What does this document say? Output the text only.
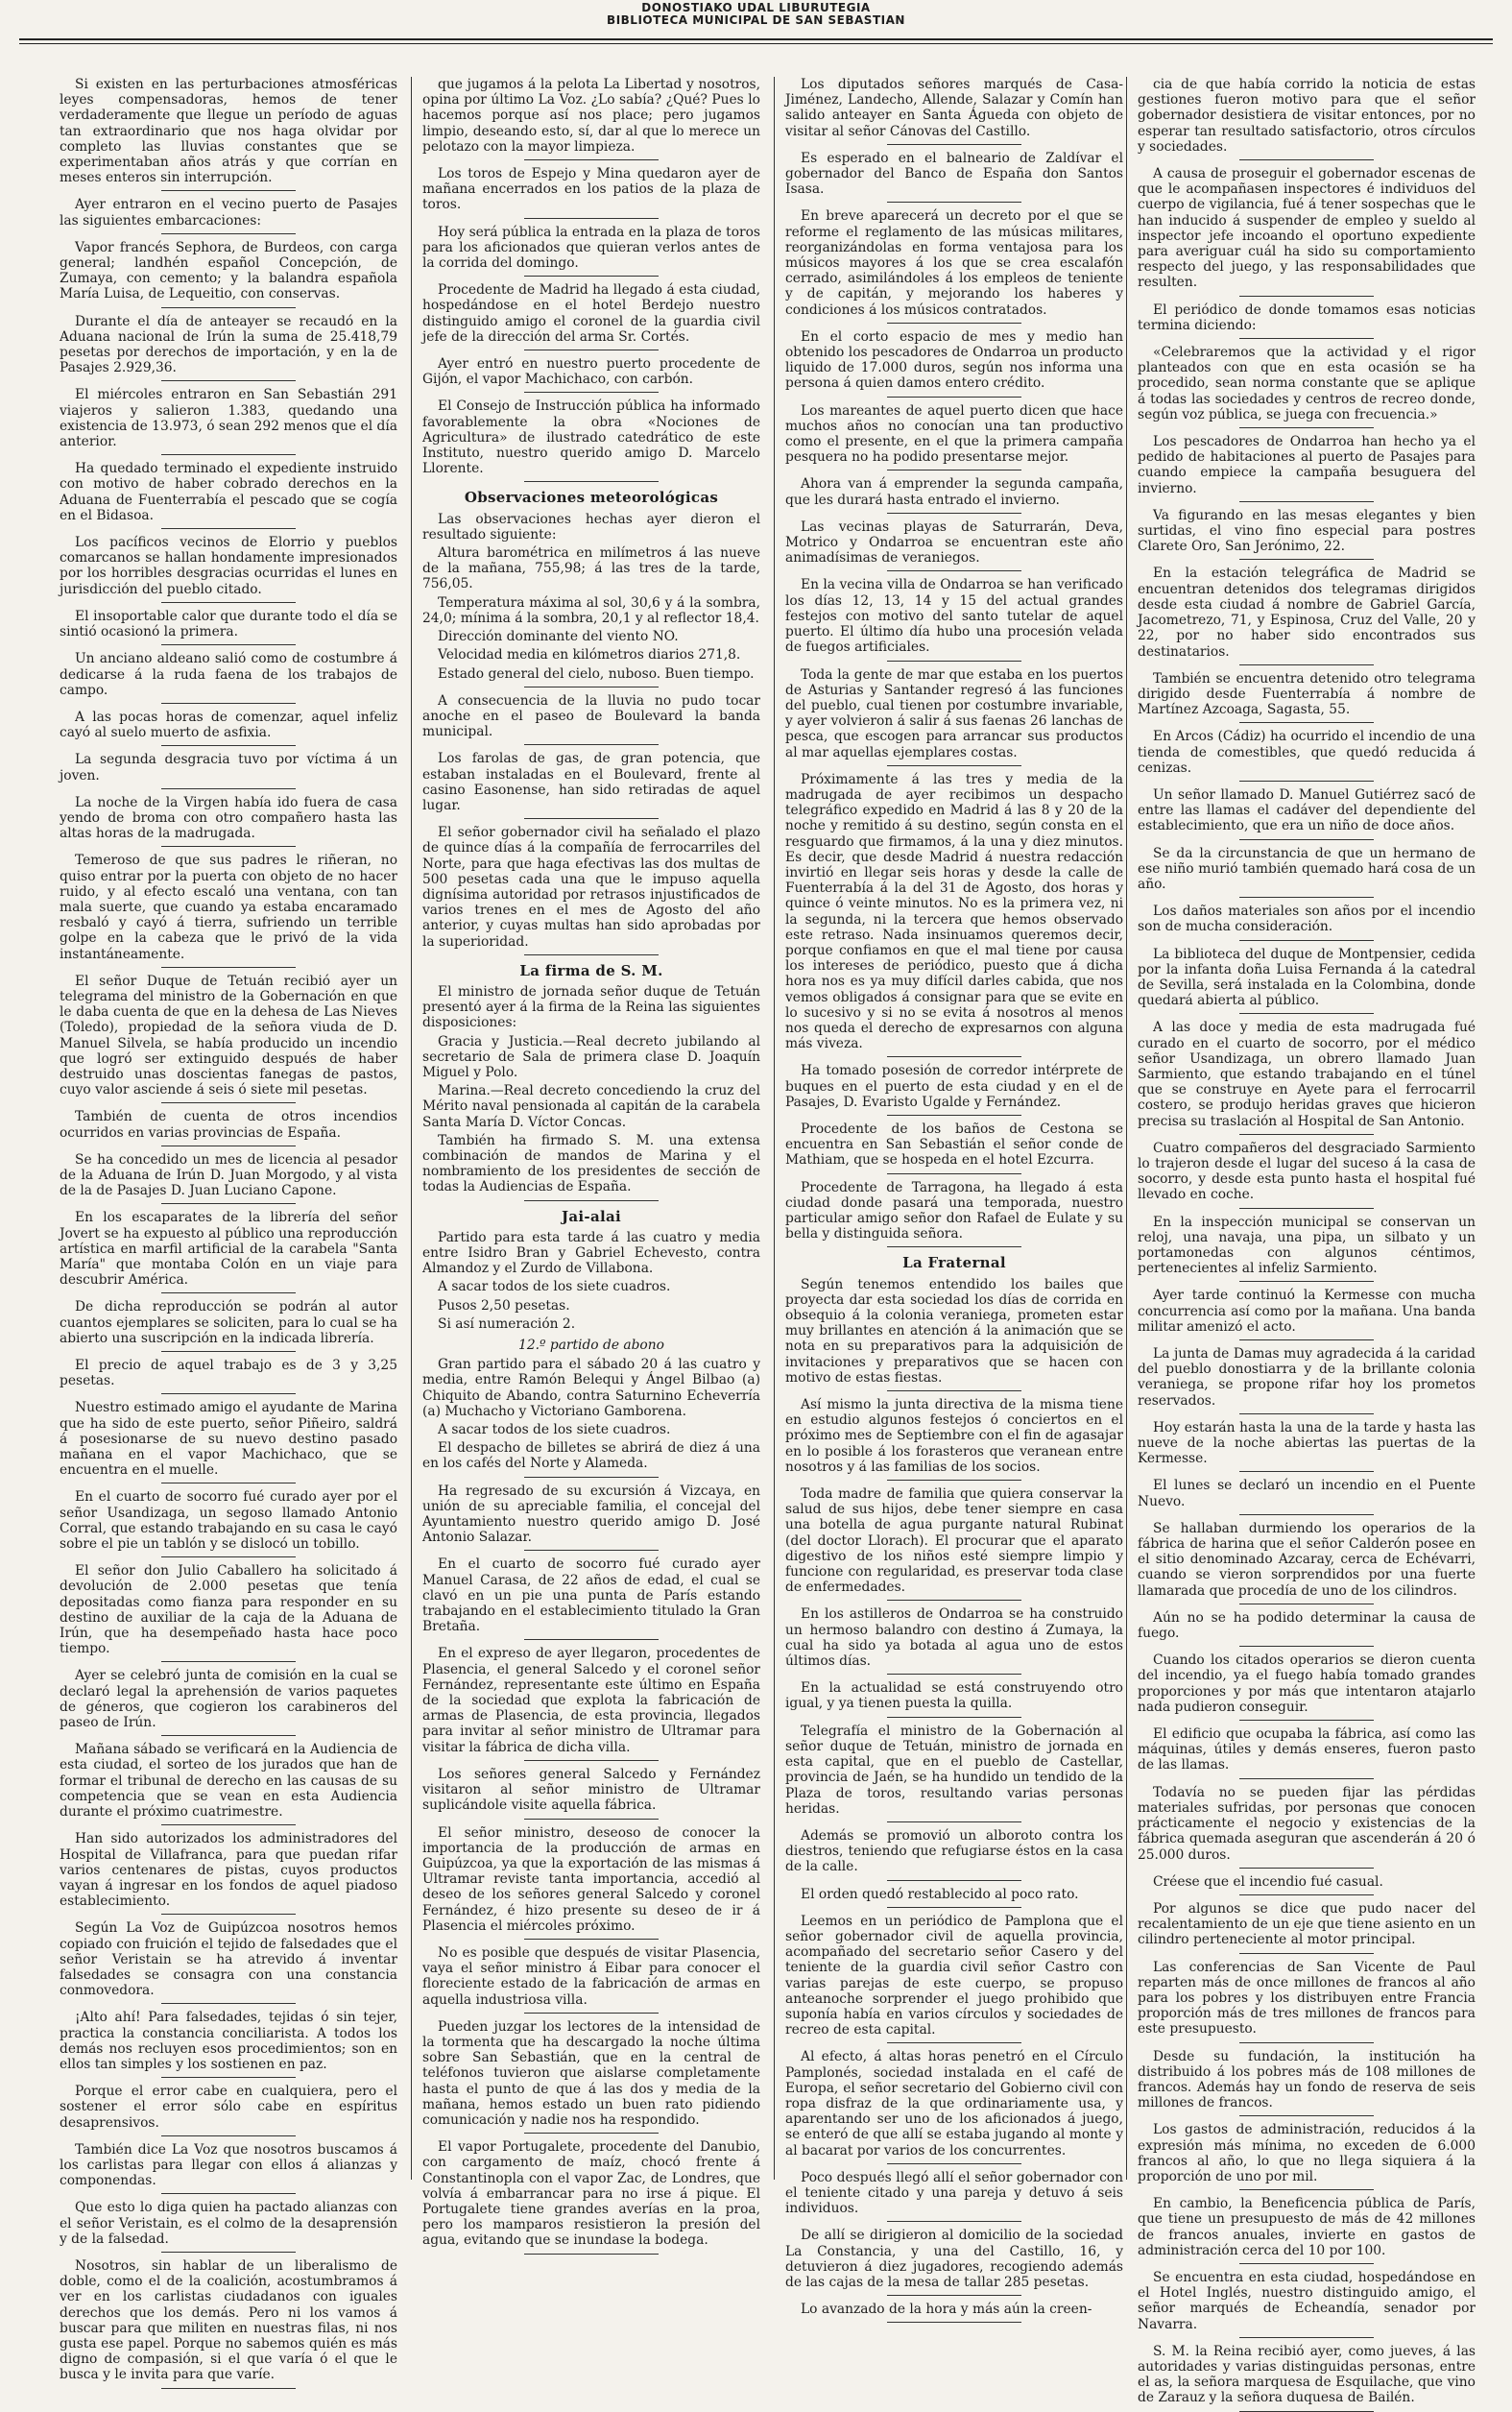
DONOSTIAKO UDAL LIBURUTEGIA
BIBLIOTECA MUNICIPAL DE SAN SEBASTIAN

Si existen en las perturbaciones atmosféricas leyes compensadoras, hemos de tener verdaderamente que llegue un período de aguas tan extraordinario que nos haga olvidar por completo las lluvias constantes que se experimentaban años atrás y que corrían en meses enteros sin interrupción.

Ayer entraron en el vecino puerto de Pasajes las siguientes embarcaciones:

Vapor francés Sephora, de Burdeos, con carga general; landhén español Concepción, de Zumaya, con cemento; y la balandra española María Luisa, de Lequeitio, con conservas.

Durante el día de anteayer se recaudó en la Aduana nacional de Irún la suma de 25.418,79 pesetas por derechos de importación, y en la de Pasajes 2.929,36.

El miércoles entraron en San Sebastián 291 viajeros y salieron 1.383, quedando una existencia de 13.973, ó sean 292 menos que el día anterior.

Ha quedado terminado el expediente instruido con motivo de haber cobrado derechos en la Aduana de Fuenterrabía el pescado que se cogía en el Bidasoa.

Los pacíficos vecinos de Elorrio y pueblos comarcanos se hallan hondamente impresionados por los horribles desgracias ocurridas el lunes en jurisdicción del pueblo citado.

El insoportable calor que durante todo el día se sintió ocasionó la primera.

Un anciano aldeano salió como de costumbre á dedicarse á la ruda faena de los trabajos de campo.

A las pocas horas de comenzar, aquel infeliz cayó al suelo muerto de asfixia.

La segunda desgracia tuvo por víctima á un joven.

La noche de la Virgen había ido fuera de casa yendo de broma con otro compañero hasta las altas horas de la madrugada.

Temeroso de que sus padres le riñeran, no quiso entrar por la puerta con objeto de no hacer ruido, y al efecto escaló una ventana, con tan mala suerte, que cuando ya estaba encaramado resbaló y cayó á tierra, sufriendo un terrible golpe en la cabeza que le privó de la vida instantáneamente.

El señor Duque de Tetuán recibió ayer un telegrama del ministro de la Gobernación en que le daba cuenta de que en la dehesa de Las Nieves (Toledo), propiedad de la señora viuda de D. Manuel Silvela, se había producido un incendio que logró ser extinguido después de haber destruido unas doscientas fanegas de pastos, cuyo valor asciende á seis ó siete mil pesetas.

También de cuenta de otros incendios ocurridos en varias provincias de España.

Se ha concedido un mes de licencia al pesador de la Aduana de Irún D. Juan Morgodo, y al vista de la de Pasajes D. Juan Luciano Capone.

En los escaparates de la librería del señor Jovert se ha expuesto al público una reproducción artística en marfil artificial de la carabela "Santa María" que montaba Colón en un viaje para descubrir América.

De dicha reproducción se podrán al autor cuantos ejemplares se soliciten, para lo cual se ha abierto una suscripción en la indicada librería.

El precio de aquel trabajo es de 3 y 3,25 pesetas.

Nuestro estimado amigo el ayudante de Marina que ha sido de este puerto, señor Piñeiro, saldrá á posesionarse de su nuevo destino pasado mañana en el vapor Machichaco, que se encuentra en el muelle.

En el cuarto de socorro fué curado ayer por el señor Usandizaga, un segoso llamado Antonio Corral, que estando trabajando en su casa le cayó sobre el pie un tablón y se dislocó un tobillo.

El señor don Julio Caballero ha solicitado á devolución de 2.000 pesetas que tenía depositadas como fianza para responder en su destino de auxiliar de la caja de la Aduana de Irún, que ha desempeñado hasta hace poco tiempo.

Ayer se celebró junta de comisión en la cual se declaró legal la aprehensión de varios paquetes de géneros, que cogieron los carabineros del paseo de Irún.

Mañana sábado se verificará en la Audiencia de esta ciudad, el sorteo de los jurados que han de formar el tribunal de derecho en las causas de su competencia que se vean en esta Audiencia durante el próximo cuatrimestre.

Han sido autorizados los administradores del Hospital de Villafranca, para que puedan rifar varios centenares de pistas, cuyos productos vayan á ingresar en los fondos de aquel piadoso establecimiento.

Según La Voz de Guipúzcoa nosotros hemos copiado con fruición el tejido de falsedades que el señor Veristain se ha atrevido á inventar falsedades se consagra con una constancia conmovedora.

¡Alto ahí! Para falsedades, tejidas ó sin tejer, practica la constancia conciliarista. A todos los demás nos recluyen esos procedimientos; son en ellos tan simples y los sostienen en paz.

Porque el error cabe en cualquiera, pero el sostener el error sólo cabe en espíritus desaprensivos.

También dice La Voz que nosotros buscamos á los carlistas para llegar con ellos á alianzas y componendas.

Que esto lo diga quien ha pactado alianzas con el señor Veristain, es el colmo de la desaprensión y de la falsedad.

Nosotros, sin hablar de un liberalismo de doble, como el de la coalición, acostumbramos á ver en los carlistas ciudadanos con iguales derechos que los demás. Pero ni los vamos á buscar para que militen en nuestras filas, ni nos gusta ese papel. Porque no sabemos quién es más digno de compasión, si el que varía ó el que le busca y le invita para que varíe.

que jugamos á la pelota La Libertad y nosotros, opina por último La Voz. ¿Lo sabía? ¿Qué? Pues lo hacemos porque así nos place; pero jugamos limpio, deseando esto, sí, dar al que lo merece un pelotazo con la mayor limpieza.

Los toros de Espejo y Mina quedaron ayer de mañana encerrados en los patios de la plaza de toros.

Hoy será pública la entrada en la plaza de toros para los aficionados que quieran verlos antes de la corrida del domingo.

Procedente de Madrid ha llegado á esta ciudad, hospedándose en el hotel Berdejo nuestro distinguido amigo el coronel de la guardia civil jefe de la dirección del arma Sr. Cortés.

Ayer entró en nuestro puerto procedente de Gijón, el vapor Machichaco, con carbón.

El Consejo de Instrucción pública ha informado favorablemente la obra «Nociones de Agricultura» de ilustrado catedrático de este Instituto, nuestro querido amigo D. Marcelo Llorente.

Observaciones meteorológicas

Las observaciones hechas ayer dieron el resultado siguiente:

Altura barométrica en milímetros á las nueve de la mañana, 755,98; á las tres de la tarde, 756,05.

Temperatura máxima al sol, 30,6 y á la sombra, 24,0; mínima á la sombra, 20,1 y al reflector 18,4.

Dirección dominante del viento NO.

Velocidad media en kilómetros diarios 271,8.

Estado general del cielo, nuboso. Buen tiempo.

A consecuencia de la lluvia no pudo tocar anoche en el paseo de Boulevard la banda municipal.

Los farolas de gas, de gran potencia, que estaban instaladas en el Boulevard, frente al casino Easonense, han sido retiradas de aquel lugar.

El señor gobernador civil ha señalado el plazo de quince días á la compañía de ferrocarriles del Norte, para que haga efectivas las dos multas de 500 pesetas cada una que le impuso aquella dignísima autoridad por retrasos injustificados de varios trenes en el mes de Agosto del año anterior, y cuyas multas han sido aprobadas por la superioridad.

La firma de S. M.

El ministro de jornada señor duque de Tetuán presentó ayer á la firma de la Reina las siguientes disposiciones:

Gracia y Justicia.—Real decreto jubilando al secretario de Sala de primera clase D. Joaquín Miguel y Polo.

Marina.—Real decreto concediendo la cruz del Mérito naval pensionada al capitán de la carabela Santa María D. Víctor Concas.

También ha firmado S. M. una extensa combinación de mandos de Marina y el nombramiento de los presidentes de sección de todas la Audiencias de España.

Jai-alai

Partido para esta tarde á las cuatro y media entre Isidro Bran y Gabriel Echevesto, contra Almandoz y el Zurdo de Villabona.

A sacar todos de los siete cuadros.

Pusos 2,50 pesetas.

Si así numeración 2.

12.º partido de abono

Gran partido para el sábado 20 á las cuatro y media, entre Ramón Belequi y Ángel Bilbao (a) Chiquito de Abando, contra Saturnino Echeverría (a) Muchacho y Victoriano Gamborena.

A sacar todos de los siete cuadros.

El despacho de billetes se abrirá de diez á una en los cafés del Norte y Alameda.

Ha regresado de su excursión á Vizcaya, en unión de su apreciable familia, el concejal del Ayuntamiento nuestro querido amigo D. José Antonio Salazar.

En el cuarto de socorro fué curado ayer Manuel Carasa, de 22 años de edad, el cual se clavó en un pie una punta de París estando trabajando en el establecimiento titulado la Gran Bretaña.

En el expreso de ayer llegaron, procedentes de Plasencia, el general Salcedo y el coronel señor Fernández, representante este último en España de la sociedad que explota la fabricación de armas de Plasencia, de esta provincia, llegados para invitar al señor ministro de Ultramar para visitar la fábrica de dicha villa.

Los señores general Salcedo y Fernández visitaron al señor ministro de Ultramar suplicándole visite aquella fábrica.

El señor ministro, deseoso de conocer la importancia de la producción de armas en Guipúzcoa, ya que la exportación de las mismas á Ultramar reviste tanta importancia, accedió al deseo de los señores general Salcedo y coronel Fernández, é hizo presente su deseo de ir á Plasencia el miércoles próximo.

No es posible que después de visitar Plasencia, vaya el señor ministro á Eibar para conocer el floreciente estado de la fabricación de armas en aquella industriosa villa.

Pueden juzgar los lectores de la intensidad de la tormenta que ha descargado la noche última sobre San Sebastián, que en la central de teléfonos tuvieron que aislarse completamente hasta el punto de que á las dos y media de la mañana, hemos estado un buen rato pidiendo comunicación y nadie nos ha respondido.

El vapor Portugalete, procedente del Danubio, con cargamento de maíz, chocó frente á Constantinopla con el vapor Zac, de Londres, que volvía á embarrancar para no irse á pique. El Portugalete tiene grandes averías en la proa, pero los mamparos resistieron la presión del agua, evitando que se inundase la bodega.

Los diputados señores marqués de Casa-Jiménez, Landecho, Allende, Salazar y Comín han salido anteayer en Santa Águeda con objeto de visitar al señor Cánovas del Castillo.

Es esperado en el balneario de Zaldívar el gobernador del Banco de España don Santos Isasa.

En breve aparecerá un decreto por el que se reforme el reglamento de las músicas militares, reorganizándolas en forma ventajosa para los músicos mayores á los que se crea escalafón cerrado, asimilándoles á los empleos de teniente y de capitán, y mejorando los haberes y condiciones á los músicos contratados.

En el corto espacio de mes y medio han obtenido los pescadores de Ondarroa un producto liquido de 17.000 duros, según nos informa una persona á quien damos entero crédito.

Los mareantes de aquel puerto dicen que hace muchos años no conocían una tan productivo como el presente, en el que la primera campaña pesquera no ha podido presentarse mejor.

Ahora van á emprender la segunda campaña, que les durará hasta entrado el invierno.

Las vecinas playas de Saturrarán, Deva, Motrico y Ondarroa se encuentran este año animadísimas de veraniegos.

En la vecina villa de Ondarroa se han verificado los días 12, 13, 14 y 15 del actual grandes festejos con motivo del santo tutelar de aquel puerto. El último día hubo una procesión velada de fuegos artificiales.

Toda la gente de mar que estaba en los puertos de Asturias y Santander regresó á las funciones del pueblo, cual tienen por costumbre invariable, y ayer volvieron á salir á sus faenas 26 lanchas de pesca, que escogen para arrancar sus productos al mar aquellas ejemplares costas.

Próximamente á las tres y media de la madrugada de ayer recibimos un despacho telegráfico expedido en Madrid á las 8 y 20 de la noche y remitido á su destino, según consta en el resguardo que firmamos, á la una y diez minutos. Es decir, que desde Madrid á nuestra redacción invirtió en llegar seis horas y desde la calle de Fuenterrabía á la del 31 de Agosto, dos horas y quince ó veinte minutos. No es la primera vez, ni la segunda, ni la tercera que hemos observado este retraso. Nada insinuamos queremos decir, porque confiamos en que el mal tiene por causa los intereses de periódico, puesto que á dicha hora nos es ya muy difícil darles cabida, que nos vemos obligados á consignar para que se evite en lo sucesivo y si no se evita á nosotros al menos nos queda el derecho de expresarnos con alguna más viveza.

Ha tomado posesión de corredor intérprete de buques en el puerto de esta ciudad y en el de Pasajes, D. Evaristo Ugalde y Fernández.

Procedente de los baños de Cestona se encuentra en San Sebastián el señor conde de Mathiam, que se hospeda en el hotel Ezcurra.

Procedente de Tarragona, ha llegado á esta ciudad donde pasará una temporada, nuestro particular amigo señor don Rafael de Eulate y su bella y distinguida señora.

La Fraternal

Según tenemos entendido los bailes que proyecta dar esta sociedad los días de corrida en obsequio á la colonia veraniega, prometen estar muy brillantes en atención á la animación que se nota en su preparativos para la adquisición de invitaciones y preparativos que se hacen con motivo de estas fiestas.

Así mismo la junta directiva de la misma tiene en estudio algunos festejos ó conciertos en el próximo mes de Septiembre con el fin de agasajar en lo posible á los forasteros que veranean entre nosotros y á las familias de los socios.

Toda madre de familia que quiera conservar la salud de sus hijos, debe tener siempre en casa una botella de agua purgante natural Rubinat (del doctor Llorach). El procurar que el aparato digestivo de los niños esté siempre limpio y funcione con regularidad, es preservar toda clase de enfermedades.

En los astilleros de Ondarroa se ha construido un hermoso balandro con destino á Zumaya, la cual ha sido ya botada al agua uno de estos últimos días.

En la actualidad se está construyendo otro igual, y ya tienen puesta la quilla.

Telegrafía el ministro de la Gobernación al señor duque de Tetuán, ministro de jornada en esta capital, que en el pueblo de Castellar, provincia de Jaén, se ha hundido un tendido de la Plaza de toros, resultando varias personas heridas.

Además se promovió un alboroto contra los diestros, teniendo que refugiarse éstos en la casa de la calle.

El orden quedó restablecido al poco rato.

Leemos en un periódico de Pamplona que el señor gobernador civil de aquella provincia, acompañado del secretario señor Casero y del teniente de la guardia civil señor Castro con varias parejas de este cuerpo, se propuso anteanoche sorprender el juego prohibido que suponía había en varios círculos y sociedades de recreo de esta capital.

Al efecto, á altas horas penetró en el Círculo Pamplonés, sociedad instalada en el café de Europa, el señor secretario del Gobierno civil con ropa disfraz de la que ordinariamente usa, y aparentando ser uno de los aficionados á juego, se enteró de que allí se estaba jugando al monte y al bacarat por varios de los concurrentes.

Poco después llegó allí el señor gobernador con el teniente citado y una pareja y detuvo á seis individuos.

De allí se dirigieron al domicilio de la sociedad La Constancia, y una del Castillo, 16, y detuvieron á diez jugadores, recogiendo además de las cajas de la mesa de tallar 285 pesetas.

Lo avanzado de la hora y más aún la creen-

cia de que había corrido la noticia de estas gestiones fueron motivo para que el señor gobernador desistiera de visitar entonces, por no esperar tan resultado satisfactorio, otros círculos y sociedades.

A causa de proseguir el gobernador escenas de que le acompañasen inspectores é individuos del cuerpo de vigilancia, fué á tener sospechas que le han inducido á suspender de empleo y sueldo al inspector jefe incoando el oportuno expediente para averiguar cuál ha sido su comportamiento respecto del juego, y las responsabilidades que resulten.

El periódico de donde tomamos esas noticias termina diciendo:

«Celebraremos que la actividad y el rigor planteados con que en esta ocasión se ha procedido, sean norma constante que se aplique á todas las sociedades y centros de recreo donde, según voz pública, se juega con frecuencia.»

Los pescadores de Ondarroa han hecho ya el pedido de habitaciones al puerto de Pasajes para cuando empiece la campaña besuguera del invierno.

Va figurando en las mesas elegantes y bien surtidas, el vino fino especial para postres Clarete Oro, San Jerónimo, 22.

En la estación telegráfica de Madrid se encuentran detenidos dos telegramas dirigidos desde esta ciudad á nombre de Gabriel García, Jacometrezo, 71, y Espinosa, Cruz del Valle, 20 y 22, por no haber sido encontrados sus destinatarios.

También se encuentra detenido otro telegrama dirigido desde Fuenterrabía á nombre de Martínez Azcoaga, Sagasta, 55.

En Arcos (Cádiz) ha ocurrido el incendio de una tienda de comestibles, que quedó reducida á cenizas.

Un señor llamado D. Manuel Gutiérrez sacó de entre las llamas el cadáver del dependiente del establecimiento, que era un niño de doce años.

Se da la circunstancia de que un hermano de ese niño murió también quemado hará cosa de un año.

Los daños materiales son años por el incendio son de mucha consideración.

La biblioteca del duque de Montpensier, cedida por la infanta doña Luisa Fernanda á la catedral de Sevilla, será instalada en la Colombina, donde quedará abierta al público.

A las doce y media de esta madrugada fué curado en el cuarto de socorro, por el médico señor Usandizaga, un obrero llamado Juan Sarmiento, que estando trabajando en el túnel que se construye en Ayete para el ferrocarril costero, se produjo heridas graves que hicieron precisa su traslación al Hospital de San Antonio.

Cuatro compañeros del desgraciado Sarmiento lo trajeron desde el lugar del suceso á la casa de socorro, y desde esta punto hasta el hospital fué llevado en coche.

En la inspección municipal se conservan un reloj, una navaja, una pipa, un silbato y un portamonedas con algunos céntimos, pertenecientes al infeliz Sarmiento.

Ayer tarde continuó la Kermesse con mucha concurrencia así como por la mañana. Una banda militar amenizó el acto.

La junta de Damas muy agradecida á la caridad del pueblo donostiarra y de la brillante colonia veraniega, se propone rifar hoy los prometos reservados.

Hoy estarán hasta la una de la tarde y hasta las nueve de la noche abiertas las puertas de la Kermesse.

El lunes se declaró un incendio en el Puente Nuevo.

Se hallaban durmiendo los operarios de la fábrica de harina que el señor Calderón posee en el sitio denominado Azcaray, cerca de Echévarri, cuando se vieron sorprendidos por una fuerte llamarada que procedía de uno de los cilindros.

Aún no se ha podido determinar la causa de fuego.

Cuando los citados operarios se dieron cuenta del incendio, ya el fuego había tomado grandes proporciones y por más que intentaron atajarlo nada pudieron conseguir.

El edificio que ocupaba la fábrica, así como las máquinas, útiles y demás enseres, fueron pasto de las llamas.

Todavía no se pueden fijar las pérdidas materiales sufridas, por personas que conocen prácticamente el negocio y existencias de la fábrica quemada aseguran que ascenderán á 20 ó 25.000 duros.

Créese que el incendio fué casual.

Por algunos se dice que pudo nacer del recalentamiento de un eje que tiene asiento en un cilindro perteneciente al motor principal.

Las conferencias de San Vicente de Paul reparten más de once millones de francos al año para los pobres y los distribuyen entre Francia proporción más de tres millones de francos para este presupuesto.

Desde su fundación, la institución ha distribuido á los pobres más de 108 millones de francos. Además hay un fondo de reserva de seis millones de francos.

Los gastos de administración, reducidos á la expresión más mínima, no exceden de 6.000 francos al año, lo que no llega siquiera á la proporción de uno por mil.

En cambio, la Beneficencia pública de París, que tiene un presupuesto de más de 42 millones de francos anuales, invierte en gastos de administración cerca del 10 por 100.

Se encuentra en esta ciudad, hospedándose en el Hotel Inglés, nuestro distinguido amigo, el señor marqués de Echeandía, senador por Navarra.

S. M. la Reina recibió ayer, como jueves, á las autoridades y varias distinguidas personas, entre el as, la señora marquesa de Esquilache, que vino de Zarauz y la señora duquesa de Bailén.
